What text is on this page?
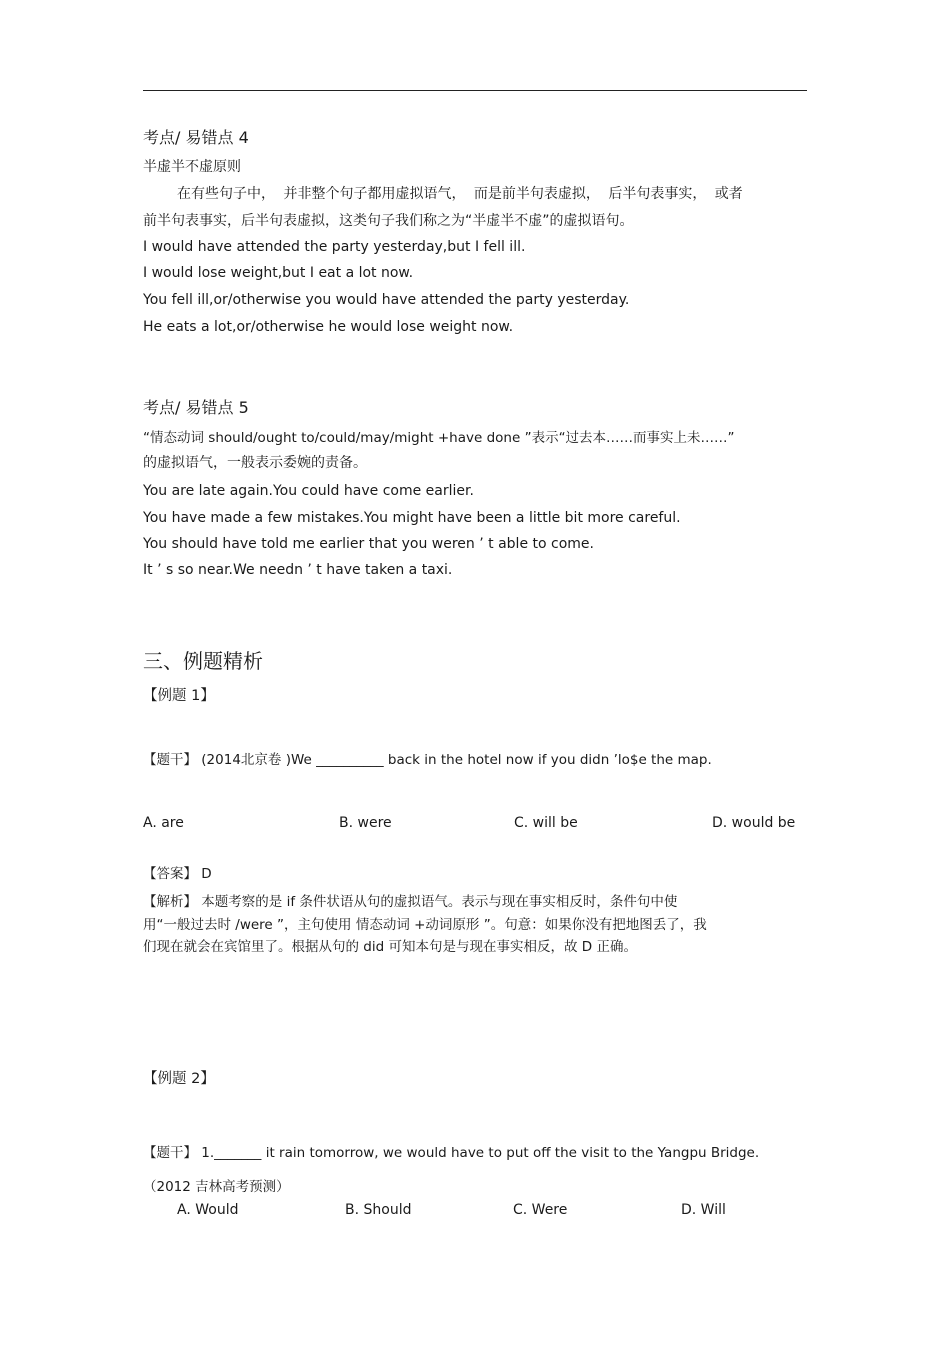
考点/ 易错点 4
半虚半不虚原则
在有些句子中， 并非整个句子都用虚拟语气， 而是前半句表虚拟， 后半句表事实， 或者
前半句表事实，后半句表虚拟，这类句子我们称之为“半虚半不虚”的虚拟语句。
I would have attended the party yesterday,but I fell ill.
I would lose weight,but I eat a lot now.
You fell ill,or/otherwise you would have attended the party yesterday.
He eats a lot,or/otherwise he would lose weight now.
考点/ 易错点 5
“情态动词 should/ought to/could/may/might +have done ”表示“过去本……而事实上未……”
的虚拟语气，一般表示委婉的责备。
You are late again.You could have come earlier.
You have made a few mistakes.You might have been a little bit more careful.
You should have told me earlier that you weren ’ t able to come.
It ’ s so near.We needn ’ t have taken a taxi.
三、例题精析
【例题 1】
【题干】 (2014北京卷 )We __________ back in the hotel now if you didn ’lo$e the map.
A. are	B. were	C. will be	D. would be
【答案】 D
【解析】 本题考察的是 if 条件状语从句的虚拟语气。表示与现在事实相反时，条件句中使
用“一般过去时 /were ”，主句使用 情态动词 +动词原形 ”。句意：如果你没有把地图丢了，我
们现在就会在宾馆里了。根据从句的 did 可知本句是与现在事实相反，故 D 正确。
【例题 2】
【题干】 1._______ it rain tomorrow, we would have to put off the visit to the Yangpu Bridge.
（2012 吉林高考预测）
A. Would	B. Should	C. Were	D. Will
